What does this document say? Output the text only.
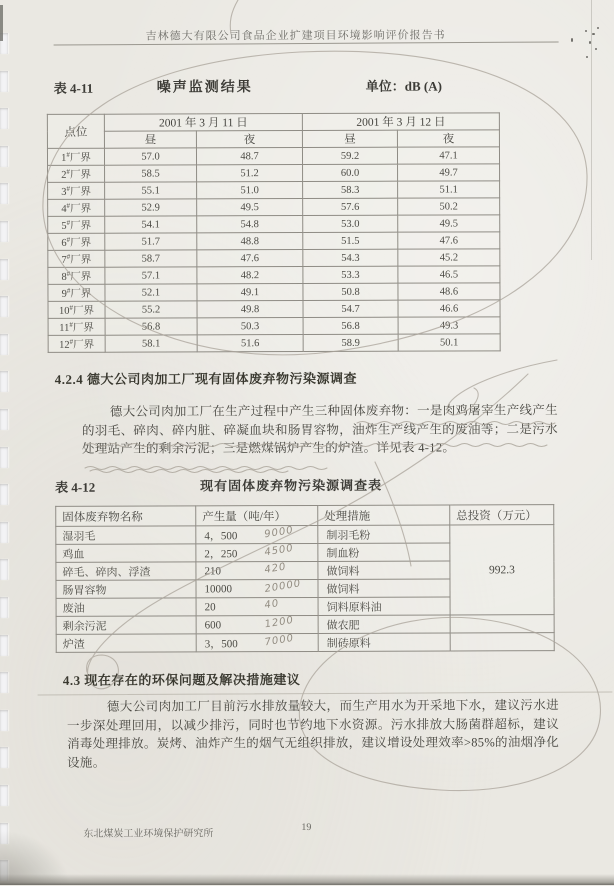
吉林德大有限公司食品企业扩建项目环境影响评价报告书
表 4-11	噪声监测结果	单位：dB (A)
点位	2001 年 3 月 11 日		2001 年 3 月 12 日	
	昼	夜	昼	夜
1#厂界	57.0	48.7	59.2	47.1
2#厂界	58.5	51.2	60.0	49.7
3#厂界	55.1	51.0	58.3	51.1
4#厂界	52.9	49.5	57.6	50.2
5#厂界	54.1	54.8	53.0	49.5
6#厂界	51.7	48.8	51.5	47.6
7#厂界	58.7	47.6	54.3	45.2
8#厂界	57.1	48.2	53.3	46.5
9#厂界	52.1	49.1	50.8	48.6
10#厂界	55.2	49.8	54.7	46.6
11#厂界	56.8	50.3	56.8	49.3
12#厂界	58.1	51.6	58.9	50.1
4.2.4 德大公司肉加工厂现有固体废弃物污染源调查
德大公司肉加工厂在生产过程中产生三种固体废弃物：一是肉鸡屠宰生产线产生的羽毛、碎肉、碎内脏、碎凝血块和肠胃容物，油炸生产线产生的废油等；二是污水处理站产生的剩余污泥；三是燃煤锅炉产生的炉渣。详见表 4-12。
表 4-12	现有固体废弃物污染源调查表
固体废弃物名称	产生量（吨/年）	处理措施	总投资（万元）
湿羽毛	4，500 9000	制羽毛粉	992.3
鸡血	2，250 4500	制血粉	
碎毛、碎肉、浮渣	210 420	做饲料	
肠胃容物	10000 20000	做饲料	
废油	20 40	饲料原料油	
剩余污泥	600 1200	做农肥	
炉渣	3，500 7000	制砖原料	
4.3 现在存在的环保问题及解决措施建议
德大公司肉加工厂目前污水排放量较大，而生产用水为开采地下水，建议污水进一步深处理回用，以减少排污，同时也节约地下水资源。污水排放大肠菌群超标，建议消毒处理排放。炭烤、油炸产生的烟气无组织排放，建议增设处理效率>85%的油烟净化设施。
东北煤炭工业环境保护研究所
19
